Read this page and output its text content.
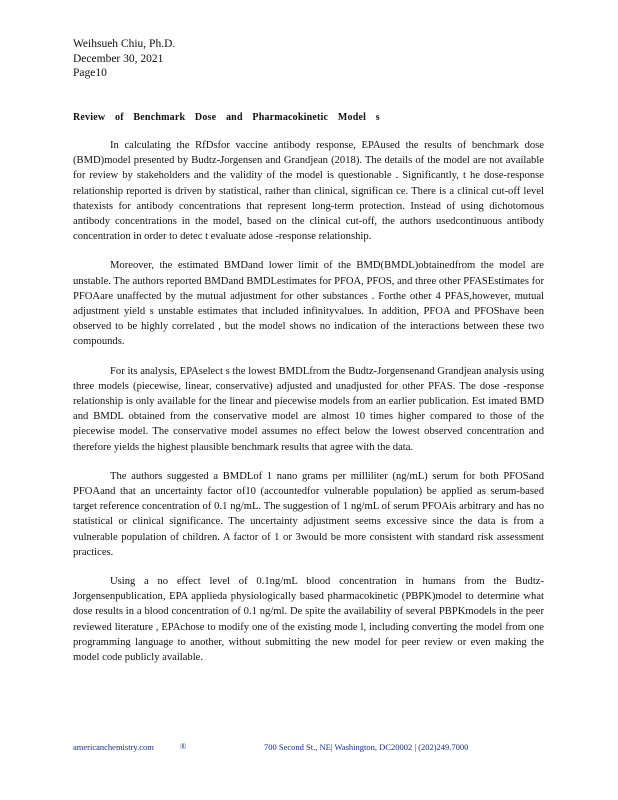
Weihsueh Chiu, Ph.D.
December 30, 2021
Page10
Review of Benchmark Dose and Pharmacokinetic Model s

In calculating the RfDsfor vaccine antibody response, EPAused the results of benchmark dose (BMD)model presented by Budtz-Jorgensen and Grandjean (2018). The details of the model are not available for review by stakeholders and the validity of the model is questionable . Significantly, t he dose-response relationship reported is driven by statistical, rather than clinical, significan ce. There is a clinical cut-off level thatexists for antibody concentrations that represent long-term protection. Instead of using dichotomous antibody concentrations in the model, based on the clinical cut-off, the authors usedcontinuous antibody concentration in order to detec t evaluate adose -response relationship.

Moreover, the estimated BMDand lower limit of the BMD(BMDL)obtainedfrom the model are unstable. The authors reported BMDand BMDLestimates for PFOA, PFOS, and three other PFASEstimates for PFOAare unaffected by the mutual adjustment for other substances . Forthe other 4 PFAS,however, mutual adjustment yield s unstable estimates that included infinityvalues. In addition, PFOA and PFOShave been observed to be highly correlated , but the model shows no indication of the interactions between these two compounds.

For its analysis, EPAselect s the lowest BMDLfrom the Budtz-Jorgensenand Grandjean analysis using three models (piecewise, linear, conservative) adjusted and unadjusted for other PFAS. The dose -response relationship is only available for the linear and piecewise models from an earlier publication. Est imated BMD and BMDL obtained from the conservative model are almost 10 times higher compared to those of the piecewise model. The conservative model assumes no effect below the lowest observed concentration and therefore yields the highest plausible benchmark results that agree with the data.

The authors suggested a BMDLof 1 nano grams per milliliter (ng/mL) serum for both PFOSand PFOAand that an uncertainty factor of10 (accountedfor vulnerable population) be applied as serum-based target reference concentration of 0.1 ng/mL. The suggestion of 1 ng/mL of serum PFOAis arbitrary and has no statistical or clinical significance. The uncertainty adjustment seems excessive since the data is from a vulnerable population of children. A factor of 1 or 3would be more consistent with standard risk assessment practices.

Using a no effect level of 0.1ng/mL blood concentration in humans from the Budtz-Jorgensenpublication, EPA applieda physiologically based pharmacokinetic (PBPK)model to determine what dose results in a blood concentration of 0.1 ng/ml. De spite the availability of several PBPKmodels in the peer reviewed literature , EPAchose to modify one of the existing mode l, including converting the model from one programming language to another, without submitting the new model for peer review or even making the model code publicly available.

americanchemistry.com	®	700 Second St., NE| Washington, DC20002 | (202)249.7000
